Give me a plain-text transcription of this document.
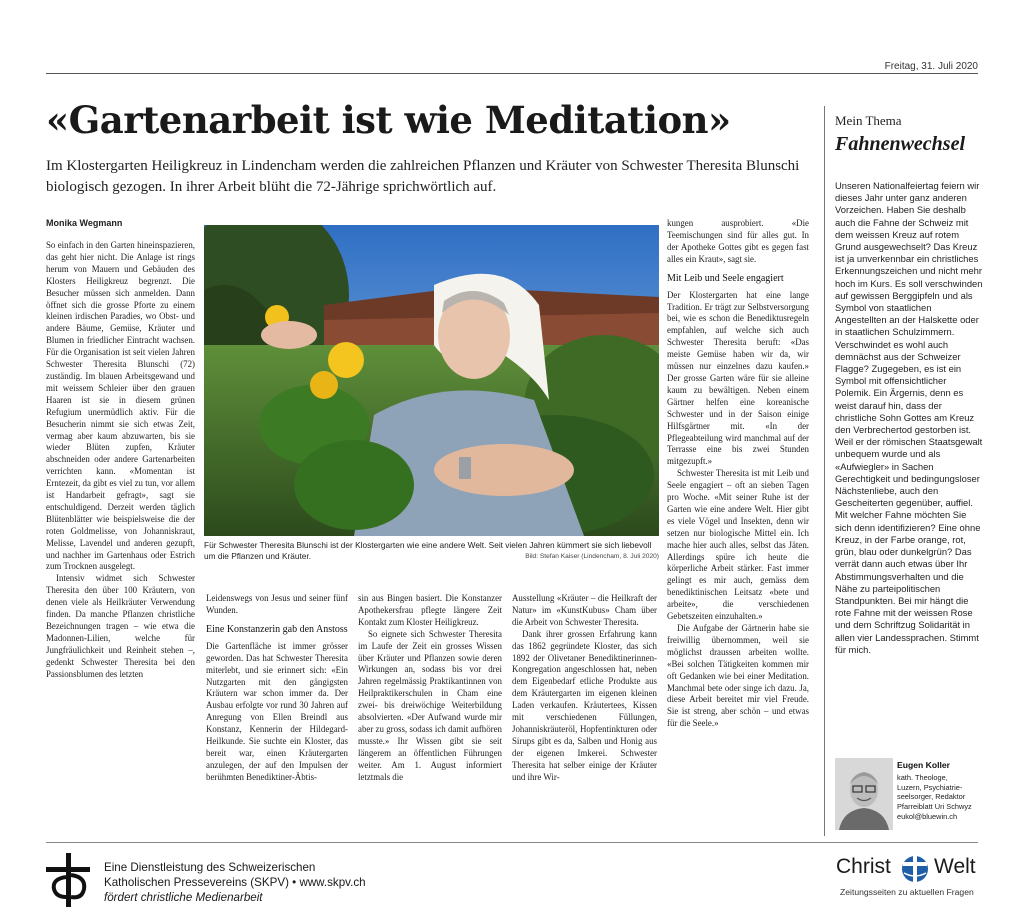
Freitag, 31. Juli 2020
«Gartenarbeit ist wie Meditation»

Im Klostergarten Heiligkreuz in Lindencham werden die zahlreichen Pflanzen und Kräuter von Schwester Theresita Blunschi biologisch gezogen. In ihrer Arbeit blüht die 72-Jährige sprichwörtlich auf.

Monika Wegmann

So einfach in den Garten hineinspazieren, das geht hier nicht. Die Anlage ist rings herum von Mauern und Gebäuden des Klosters Heiligkreuz begrenzt. Die Besucher müssen sich anmelden. Dann öffnet sich die grosse Pforte zu einem kleinen irdischen Paradies, wo Obst- und andere Bäume, Gemüse, Kräuter und Blumen in friedlicher Eintracht wachsen. Für die Organisation ist seit vielen Jahren Schwester Theresita Blunschi (72) zuständig. Im blauen Arbeitsgewand und mit weissem Schleier über den grauen Haaren ist sie in diesem grünen Refugium unermüdlich aktiv. Für die Besucherin nimmt sie sich etwas Zeit, vermag aber kaum abzuwarten, bis sie wieder Blüten zupfen, Kräuter abschneiden oder andere Gartenarbeiten verrichten kann. «Momentan ist Erntezeit, da gibt es viel zu tun, vor allem ist Handarbeit gefragt», sagt sie entschuldigend. Derzeit werden täglich Blütenblätter wie beispielsweise die der roten Goldmelisse, von Johanniskraut, Melisse, Lavendel und anderen gezupft, und nachher im Gartenhaus oder Estrich zum Trocknen ausgelegt.

Intensiv widmet sich Schwester Theresita den über 100 Kräutern, von denen viele als Heilkräuter Verwendung finden. Da manche Pflanzen christliche Bezeichnungen tragen – wie etwa die Madonnen-Lilien, welche für Jungfräulichkeit und Reinheit stehen –, gedenkt Schwester Theresita bei den Passionsblumen des letzten

Für Schwester Theresita Blunschi ist der Klostergarten wie eine andere Welt. Seit vielen Jahren kümmert sie sich liebevoll um die Pflanzen und Kräuter.	Bild: Stefan Kaiser (Lindencham, 8. Juli 2020)

Leidenswegs von Jesus und seiner fünf Wunden.

Eine Konstanzerin gab den Anstoss

Die Gartenfläche ist immer grösser geworden. Das hat Schwester Theresita miterlebt, und sie erinnert sich: «Ein Nutzgarten mit den gängigsten Kräutern war schon immer da. Der Ausbau erfolgte vor rund 30 Jahren auf Anregung von Ellen Breindl aus Konstanz, Kennerin der Hildegard-Heilkunde. Sie suchte ein Kloster, das bereit war, einen Kräutergarten anzulegen, der auf den Impulsen der berühmten Benediktiner-Äbtis-

sin aus Bingen basiert. Die Konstanzer Apothekersfrau pflegte längere Zeit Kontakt zum Kloster Heiligkreuz.

So eignete sich Schwester Theresita im Laufe der Zeit ein grosses Wissen über Kräuter und Pflanzen sowie deren Wirkungen an, sodass bis vor drei Jahren regelmässig Praktikantinnen von Heilpraktikerschulen in Cham eine zwei- bis dreiwöchige Weiterbildung absolvierten. «Der Aufwand wurde mir aber zu gross, sodass ich damit aufhören musste.» Ihr Wissen gibt sie seit längerem an öffentlichen Führungen weiter. Am 1. August informiert letztmals die

Ausstellung «Kräuter – die Heilkraft der Natur» im «KunstKubus» Cham über die Arbeit von Schwester Theresita.

Dank ihrer grossen Erfahrung kann das 1862 gegründete Kloster, das sich 1892 der Olivetaner Benediktinerinnen-Kongregation angeschlossen hat, neben dem Eigenbedarf etliche Produkte aus dem Kräutergarten im eigenen kleinen Laden verkaufen. Kräutertees, Kissen mit verschiedenen Füllungen, Johanniskräuteröl, Hopfentinkturen oder Sirups gibt es da, Salben und Honig aus der eigenen Imkerei. Schwester Theresita hat selber einige der Kräuter und ihre Wir-

kungen ausprobiert. «Die Teemischungen sind für alles gut. In der Apotheke Gottes gibt es gegen fast alles ein Kraut», sagt sie.

Mit Leib und Seele engagiert

Der Klostergarten hat eine lange Tradition. Er trägt zur Selbstversorgung bei, wie es schon die Benediktusregeln empfahlen, auf welche sich auch Schwester Theresita beruft: «Das meiste Gemüse haben wir da, wir müssen nur einzelnes dazu kaufen.» Der grosse Garten wäre für sie alleine kaum zu bewältigen. Neben einem Gärtner helfen eine koreanische Schwester und in der Saison einige Hilfsgärtner mit. «In der Pflegeabteilung wird manchmal auf der Terrasse eine bis zwei Stunden mitgezupft.»

Schwester Theresita ist mit Leib und Seele engagiert – oft an sieben Tagen pro Woche. «Mit seiner Ruhe ist der Garten wie eine andere Welt. Hier gibt es viele Vögel und Insekten, denn wir setzen nur biologische Mittel ein. Ich mache hier auch alles, selbst das Jäten. Allerdings spüre ich heute die körperliche Arbeit stärker. Fast immer gelingt es mir auch, gemäss dem benediktinischen Leitsatz «bete und arbeite», die verschiedenen Gebetszeiten einzuhalten.»

Die Aufgabe der Gärtnerin habe sie freiwillig übernommen, weil sie möglichst draussen arbeiten wollte. «Bei solchen Tätigkeiten kommen mir oft Gedanken wie bei einer Meditation. Manchmal bete oder singe ich dazu. Ja, diese Arbeit bereitet mir viel Freude. Sie ist streng, aber schön – und etwas für die Seele.»

Mein Thema
Fahnenwechsel

Unseren Nationalfeiertag feiern wir dieses Jahr unter ganz anderen Vorzeichen. Haben Sie deshalb auch die Fahne der Schweiz mit dem weissen Kreuz auf rotem Grund ausgewechselt? Das Kreuz ist ja unverkennbar ein christliches Erkennungszeichen und nicht mehr hoch im Kurs. Es soll verschwinden auf gewissen Berggipfeln und als Symbol von staatlichen Angestellten an der Halskette oder in staatlichen Schulzimmern. Verschwindet es wohl auch demnächst aus der Schweizer Flagge? Zugegeben, es ist ein Symbol mit offensichtlicher Polemik. Ein Ärgernis, denn es weist darauf hin, dass der christliche Sohn Gottes am Kreuz den Verbrechertod gestorben ist. Weil er der römischen Staatsgewalt unbequem wurde und als «Aufwiegler» in Sachen Gerechtigkeit und bedingungsloser Nächstenliebe, auch den Gescheiterten gegenüber, auffiel. Mit welcher Fahne möchten Sie sich denn identifizieren? Eine ohne Kreuz, in der Farbe orange, rot, grün, blau oder dunkelgrün? Das verrät dann auch etwas über Ihr Abstimmungsverhalten und die Nähe zu parteipolitischen Standpunkten. Bei mir hängt die rote Fahne mit der weissen Rose und dem Schriftzug Solidarität in allen vier Landessprachen. Stimmt für mich.

Eugen Koller
kath. Theologe,
Luzern, Psychiatrie-
seelsorger, Redaktor
Pfarreiblatt Uri Schwyz
eukol@bluewin.ch
Eine Dienstleistung des Schweizerischen
Katholischen Pressevereins (SKPV) • www.skpv.ch
fördert christliche Medienarbeit
Christ Welt
Zeitungsseiten zu aktuellen Fragen
